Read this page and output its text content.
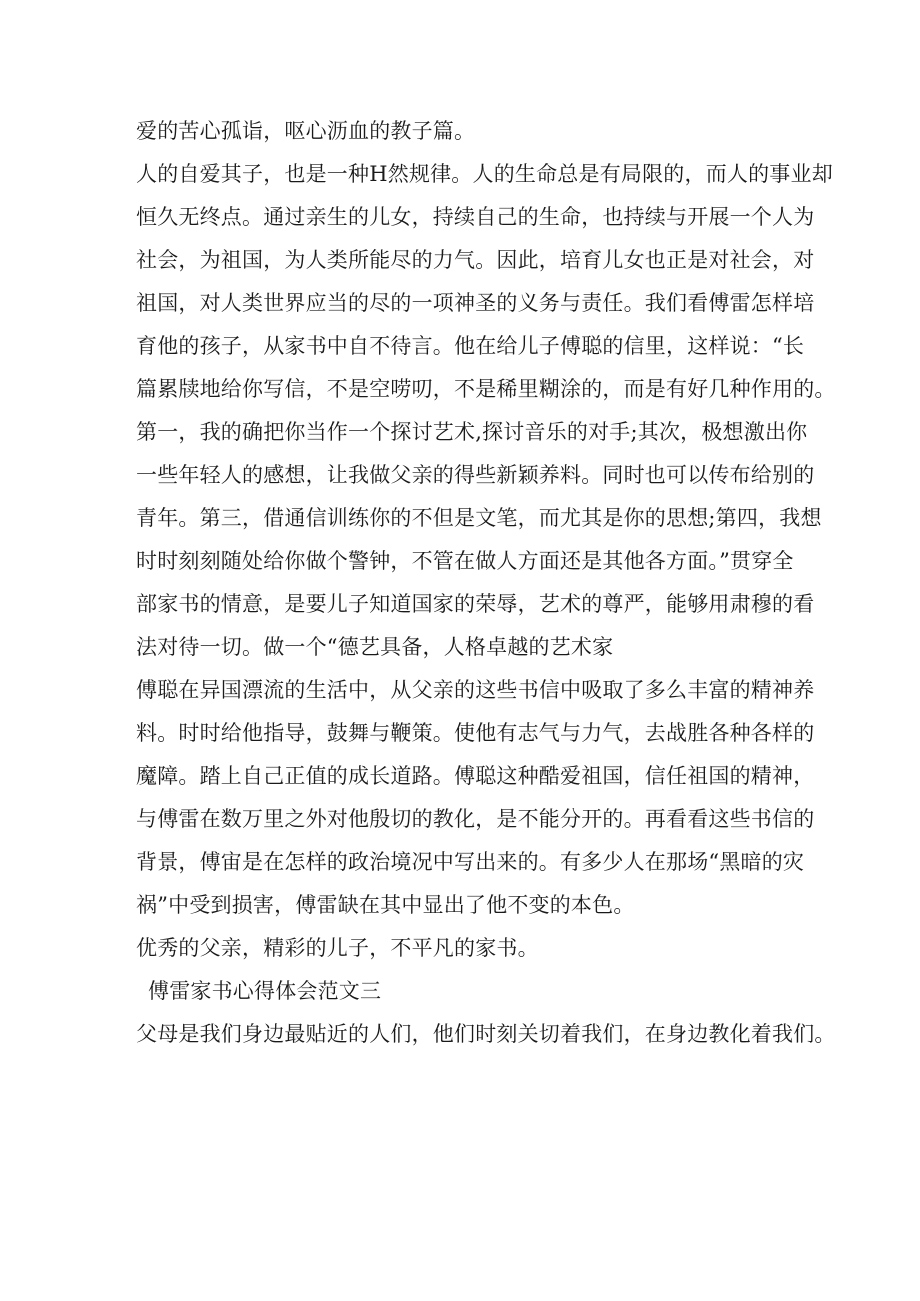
爱的苦心孤诣，呕心沥血的教子篇。
人的自爱其子，也是一种H然规律。人的生命总是有局限的，而人的事业却
恒久无终点。通过亲生的儿女，持续自己的生命，也持续与开展一个人为
社会，为祖国，为人类所能尽的力气。因此，培育儿女也正是对社会，对
祖国，对人类世界应当的尽的一项神圣的义务与责任。我们看傅雷怎样培
育他的孩子，从家书中自不待言。他在给儿子傅聪的信里，这样说：“长
篇累牍地给你写信，不是空唠叨，不是稀里糊涂的，而是有好几种作用的。
第一，我的确把你当作一个探讨艺术,探讨音乐的对手;其次，极想激出你
一些年轻人的感想，让我做父亲的得些新颖养料。同时也可以传布给别的
青年。第三，借通信训练你的不但是文笔，而尤其是你的思想;第四，我想
时时刻刻随处给你做个警钟，不管在做人方面还是其他各方面。”贯穿全
部家书的情意，是要儿子知道国家的荣辱，艺术的尊严，能够用肃穆的看
法对待一切。做一个“德艺具备，人格卓越的艺术家
傅聪在异国漂流的生活中，从父亲的这些书信中吸取了多么丰富的精神养
料。时时给他指导，鼓舞与鞭策。使他有志气与力气，去战胜各种各样的
魔障。踏上自己正值的成长道路。傅聪这种酷爱祖国，信任祖国的精神，
与傅雷在数万里之外对他殷切的教化，是不能分开的。再看看这些书信的
背景，傅宙是在怎样的政治境况中写出来的。有多少人在那场“黑暗的灾
祸”中受到损害，傅雷缺在其中显出了他不变的本色。
优秀的父亲，精彩的儿子，不平凡的家书。
傅雷家书心得体会范文三
父母是我们身边最贴近的人们，他们时刻关切着我们，在身边教化着我们。
